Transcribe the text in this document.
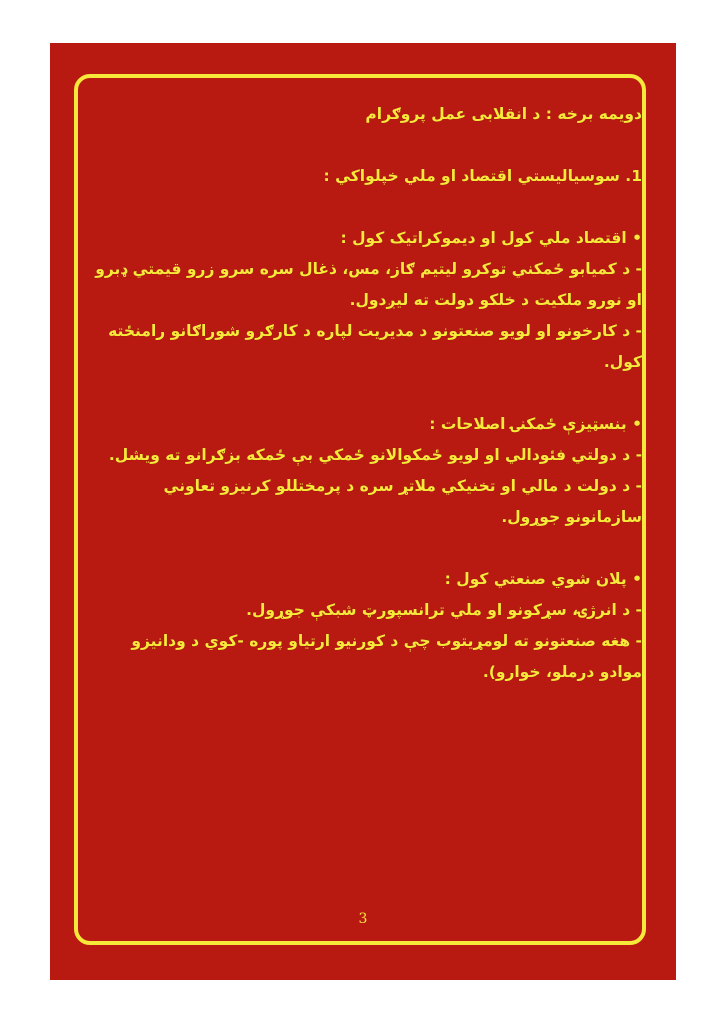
دویمه برخه : د انقلابی عمل پروګرام

1. سوسیالیستي اقتصاد او ملي خپلواکي :

• اقتصاد ملي کول او دیموکراتیک کول :

- د کمیابو ځمکني توکرو لیتیم ګاز، مس، ذغال سره سرو زرو قیمتي ډبرو او نورو ملکیت د خلکو دولت ته لیږدول.

- د کارخونو او لویو صنعتونو د مدیریت لپاره د کارګرو شوراګانو رامنځته کول.

• بنسټیزې ځمکنۍ اصلاحات :

- د دولتي فئودالي او لویو ځمکوالانو ځمکي بې ځمکه بزګرانو ته ویشل.

- د دولت د مالي او تخنیکي ملاتړ سره د پرمختللو کرنیزو تعاوني سازمانونو جوړول.

• پلان شوي صنعتي کول :

- د انرژۍ، سړکونو او ملي ترانسپورټ شبکې جوړول.

- هغه صنعتونو ته لومړیتوب چې د کورنیو ارتیاو پوره -کوي د ودانیزو موادو درملو، خوارو).

3
